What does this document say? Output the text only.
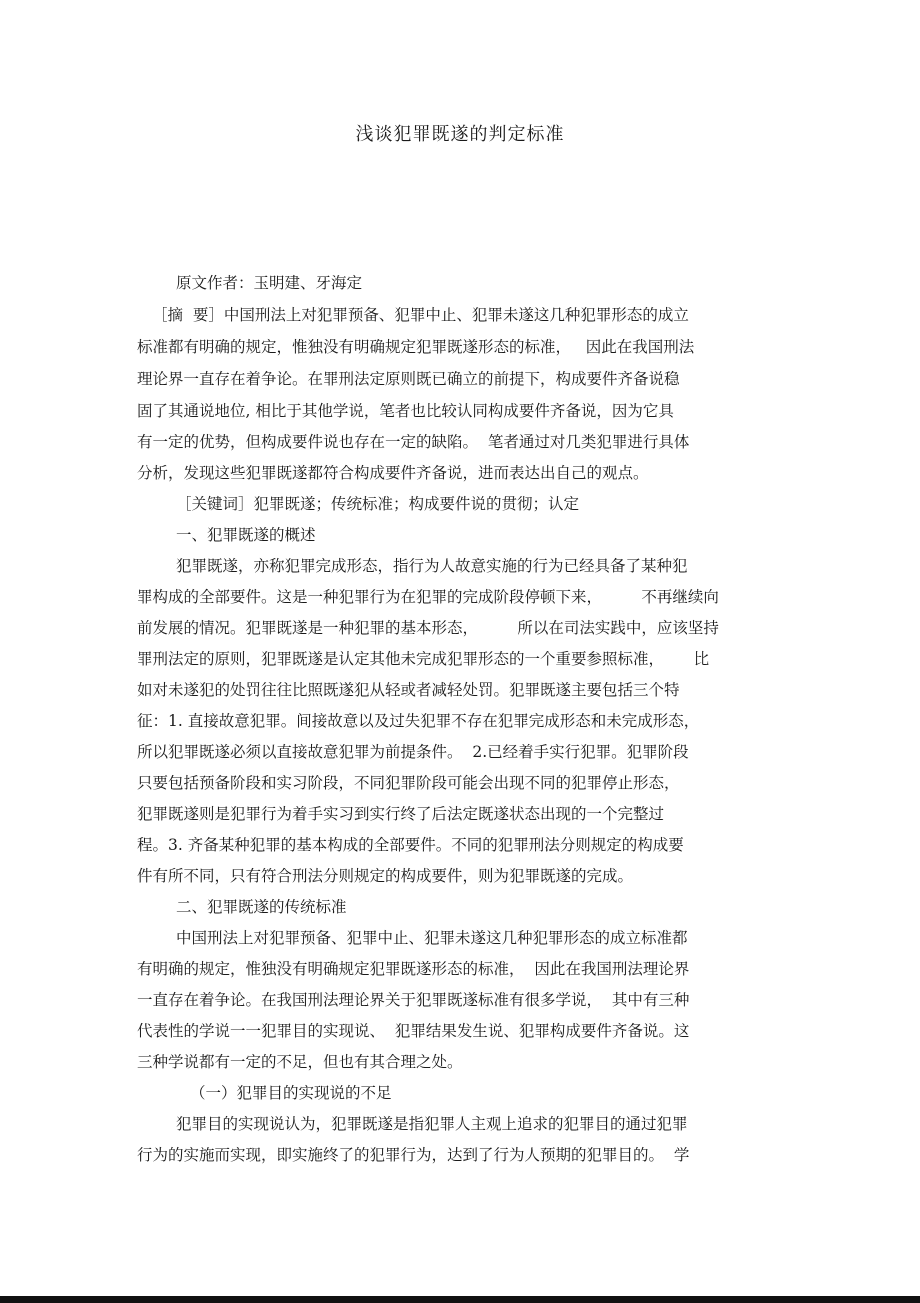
浅谈犯罪既遂的判定标准
原文作者：玉明建、牙海定
［摘  要］中国刑法上对犯罪预备、犯罪中止、犯罪未遂这几种犯罪形态的成立
标准都有明确的规定，惟独没有明确规定犯罪既遂形态的标准，   因此在我国刑法
理论界一直存在着争论。在罪刑法定原则既已确立的前提下，构成要件齐备说稳
固了其通说地位, 相比于其他学说，笔者也比较认同构成要件齐备说，因为它具
有一定的优势，但构成要件说也存在一定的缺陷。  笔者通过对几类犯罪进行具体
分析，发现这些犯罪既遂都符合构成要件齐备说，进而表达出自己的观点。
［关键词］犯罪既遂；传统标准；构成要件说的贯彻；认定
一、犯罪既遂的概述
犯罪既遂，亦称犯罪完成形态，指行为人故意实施的行为已经具备了某种犯
罪构成的全部要件。这是一种犯罪行为在犯罪的完成阶段停顿下来，        不再继续向
前发展的情况。犯罪既遂是一种犯罪的基本形态，        所以在司法实践中，应该坚持
罪刑法定的原则，犯罪既遂是认定其他未完成犯罪形态的一个重要参照标准，      比
如对未遂犯的处罚往往比照既遂犯从轻或者减轻处罚。犯罪既遂主要包括三个特
征：1. 直接故意犯罪。间接故意以及过失犯罪不存在犯罪完成形态和未完成形态，
所以犯罪既遂必须以直接故意犯罪为前提条件。  2.已经着手实行犯罪。犯罪阶段
只要包括预备阶段和实习阶段，不同犯罪阶段可能会出现不同的犯罪停止形态，
犯罪既遂则是犯罪行为着手实习到实行终了后法定既遂状态出现的一个完整过
程。3. 齐备某种犯罪的基本构成的全部要件。不同的犯罪刑法分则规定的构成要
件有所不同，只有符合刑法分则规定的构成要件，则为犯罪既遂的完成。
二、犯罪既遂的传统标准
中国刑法上对犯罪预备、犯罪中止、犯罪未遂这几种犯罪形态的成立标准都
有明确的规定，惟独没有明确规定犯罪既遂形态的标准，  因此在我国刑法理论界
一直存在着争论。在我国刑法理论界关于犯罪既遂标准有很多学说，  其中有三种
代表性的学说一一犯罪目的实现说、  犯罪结果发生说、犯罪构成要件齐备说。这
三种学说都有一定的不足，但也有其合理之处。
（一）犯罪目的实现说的不足
犯罪目的实现说认为，犯罪既遂是指犯罪人主观上追求的犯罪目的通过犯罪
行为的实施而实现，即实施终了的犯罪行为，达到了行为人预期的犯罪目的。  学
